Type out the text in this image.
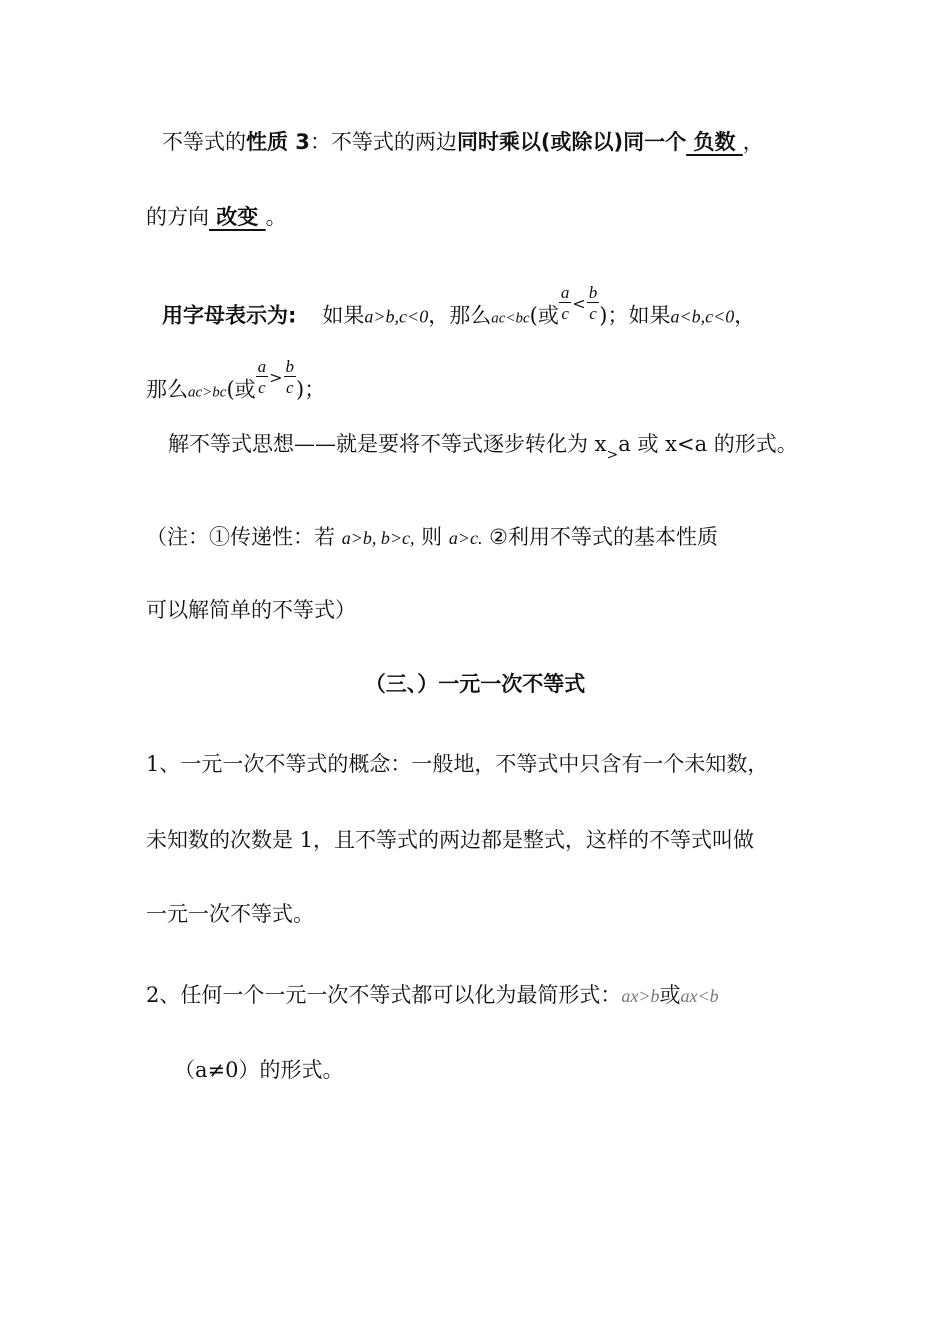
不等式的性质 3：不等式的两边同时乘以(或除以)同一个 负数 ，
的方向 改变 。
用字母表示为: 如果a>b,c<0，那么ac<bc(或 $\frac{a}{c} < \frac{b}{c}$ )；如果a<b,c<0，
那么ac>bc(或 $\frac{a}{c} > \frac{b}{c}$ )；
解不等式思想——就是要将不等式逐步转化为 $x_>a$ 或 x<a 的形式。
（注：①传递性：若 a>b, b>c, 则 a>c. ②利用不等式的基本性质
可以解简单的不等式）
（三、）一元一次不等式
1、一元一次不等式的概念：一般地，不等式中只含有一个未知数，
未知数的次数是 1，且不等式的两边都是整式，这样的不等式叫做
一元一次不等式。
2、任何一个一元一次不等式都可以化为最简形式：ax>b或ax<b
（a≠0）的形式。
